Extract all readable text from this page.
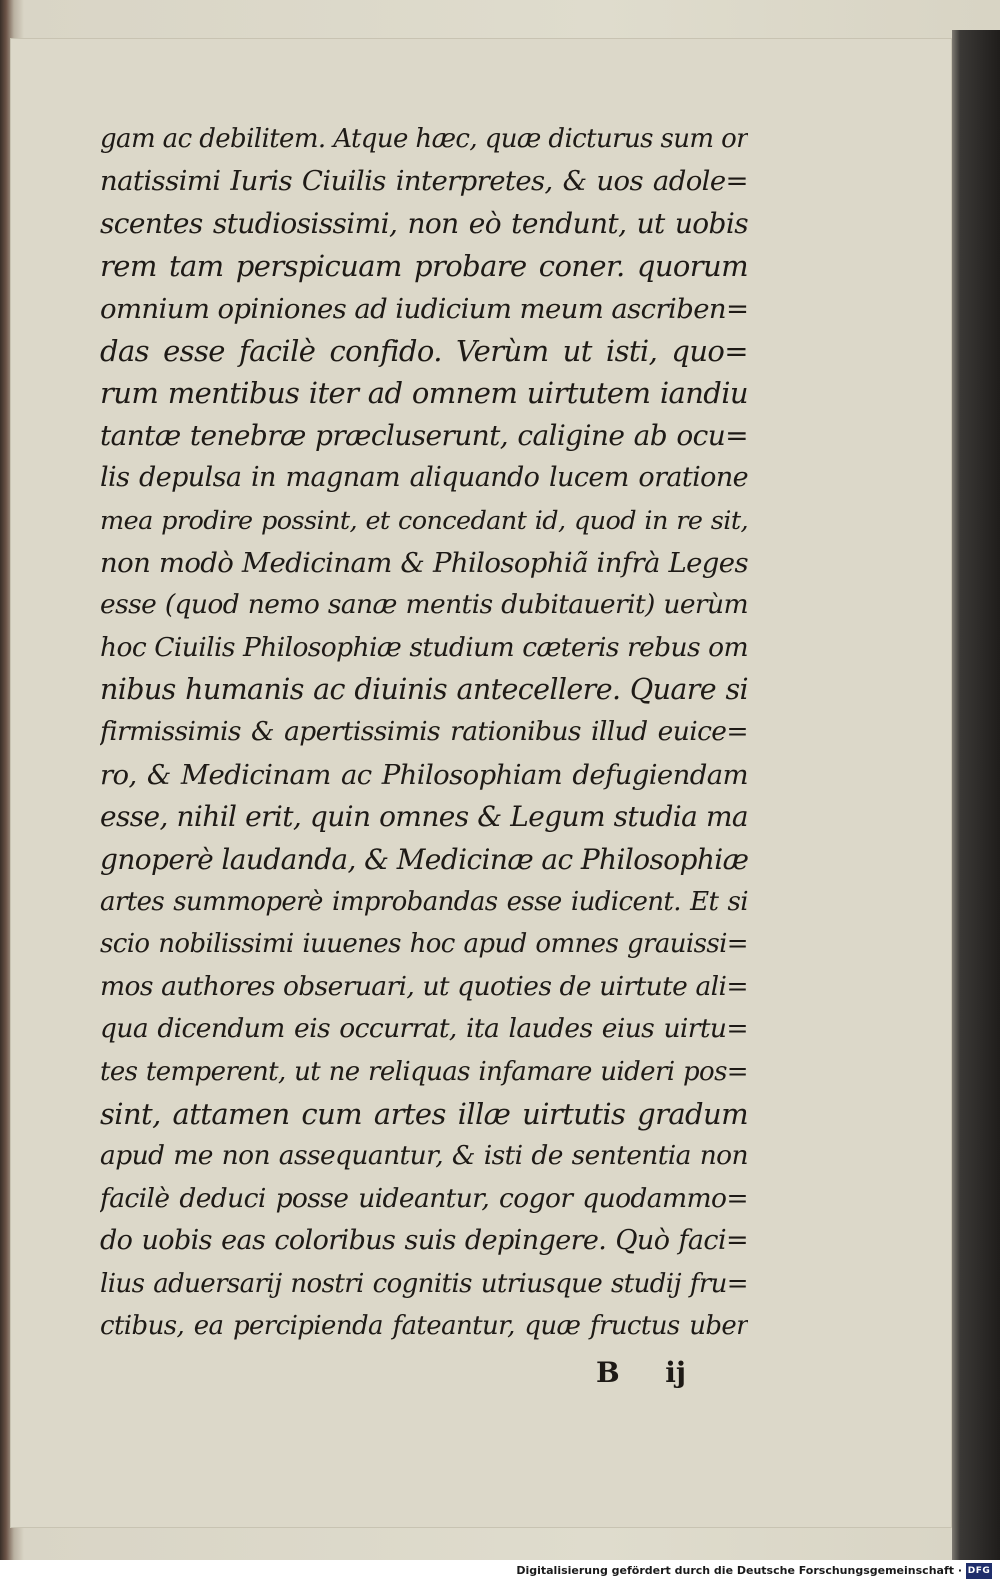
gam ac debilitem. Atque hæc, quæ dicturus sum or
natissimi Iuris Ciuilis interpretes, & uos adole=
scentes studiosissimi, non eò tendunt, ut uobis
rem tam perspicuam probare coner. quorum
omnium opiniones ad iudicium meum ascriben=
das esse facilè confido. Verùm ut isti, quo=
rum mentibus iter ad omnem uirtutem iandiu
tantæ tenebræ præcluserunt, caligine ab ocu=
lis depulsa in magnam aliquando lucem oratione
mea prodire possint, et concedant id, quod in re sit,
non modò Medicinam & Philosophiã infrà Leges
esse (quod nemo sanæ mentis dubitauerit) uerùm
hoc Ciuilis Philosophiæ studium cæteris rebus om
nibus humanis ac diuinis antecellere. Quare si
firmissimis & apertissimis rationibus illud euice=
ro, & Medicinam ac Philosophiam defugiendam
esse, nihil erit, quin omnes & Legum studia ma
gnoperè laudanda, & Medicinæ ac Philosophiæ
artes summoperè improbandas esse iudicent. Et si
scio nobilissimi iuuenes hoc apud omnes grauissi=
mos authores obseruari, ut quoties de uirtute ali=
qua dicendum eis occurrat, ita laudes eius uirtu=
tes temperent, ut ne reliquas infamare uideri pos=
sint, attamen cum artes illæ uirtutis gradum
apud me non assequantur, & isti de sententia non
facilè deduci posse uideantur, cogor quodammo=
do uobis eas coloribus suis depingere. Quò faci=
lius aduersarij nostri cognitis utriusque studij fru=
ctibus, ea percipienda fateantur, quæ fructus uber
B ij
Digitalisierung gefördert durch die Deutsche Forschungsgemeinschaft · DFG
